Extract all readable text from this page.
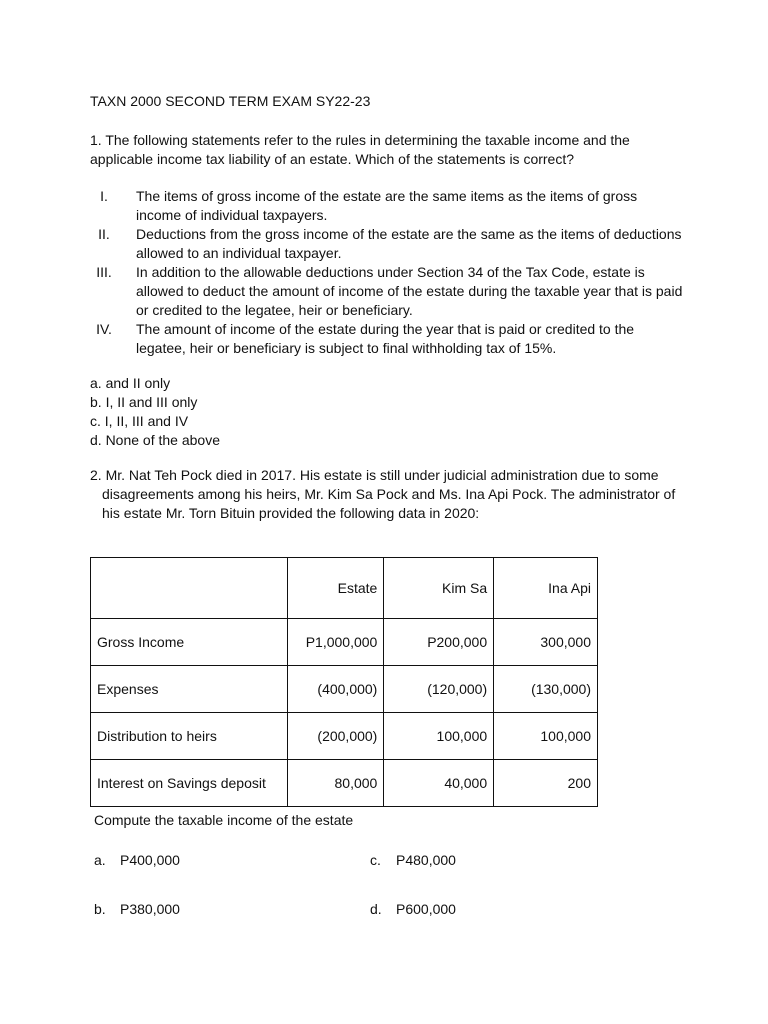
TAXN 2000 SECOND TERM EXAM SY22-23
1. The following statements refer to the rules in determining the taxable income and the
applicable income tax liability of an estate. Which of the statements is correct?
I.	The items of gross income of the estate are the same items as the items of gross
income of individual taxpayers.
II.	Deductions from the gross income of the estate are the same as the items of deductions
allowed to an individual taxpayer.
III.	In addition to the allowable deductions under Section 34 of the Tax Code, estate is
allowed to deduct the amount of income of the estate during the taxable year that is paid
or credited to the legatee, heir or beneficiary.
IV.	The amount of income of the estate during the year that is paid or credited to the
legatee, heir or beneficiary is subject to final withholding tax of 15%.
a. and II only
b. I, II and III only
c. I, II, III and IV
d. None of the above
2. Mr. Nat Teh Pock died in 2017. His estate is still under judicial administration due to some
disagreements among his heirs, Mr. Kim Sa Pock and Ms. Ina Api Pock. The administrator of
his estate Mr. Torn Bituin provided the following data in 2020:
	Estate	Kim Sa	Ina Api
Gross Income	P1,000,000	P200,000	300,000
Expenses	(400,000)	(120,000)	(130,000)
Distribution to heirs	(200,000)	100,000	100,000
Interest on Savings deposit	80,000	40,000	200
Compute the taxable income of the estate
a.	P400,000
b.	P380,000
c.	P480,000
d.	P600,000
